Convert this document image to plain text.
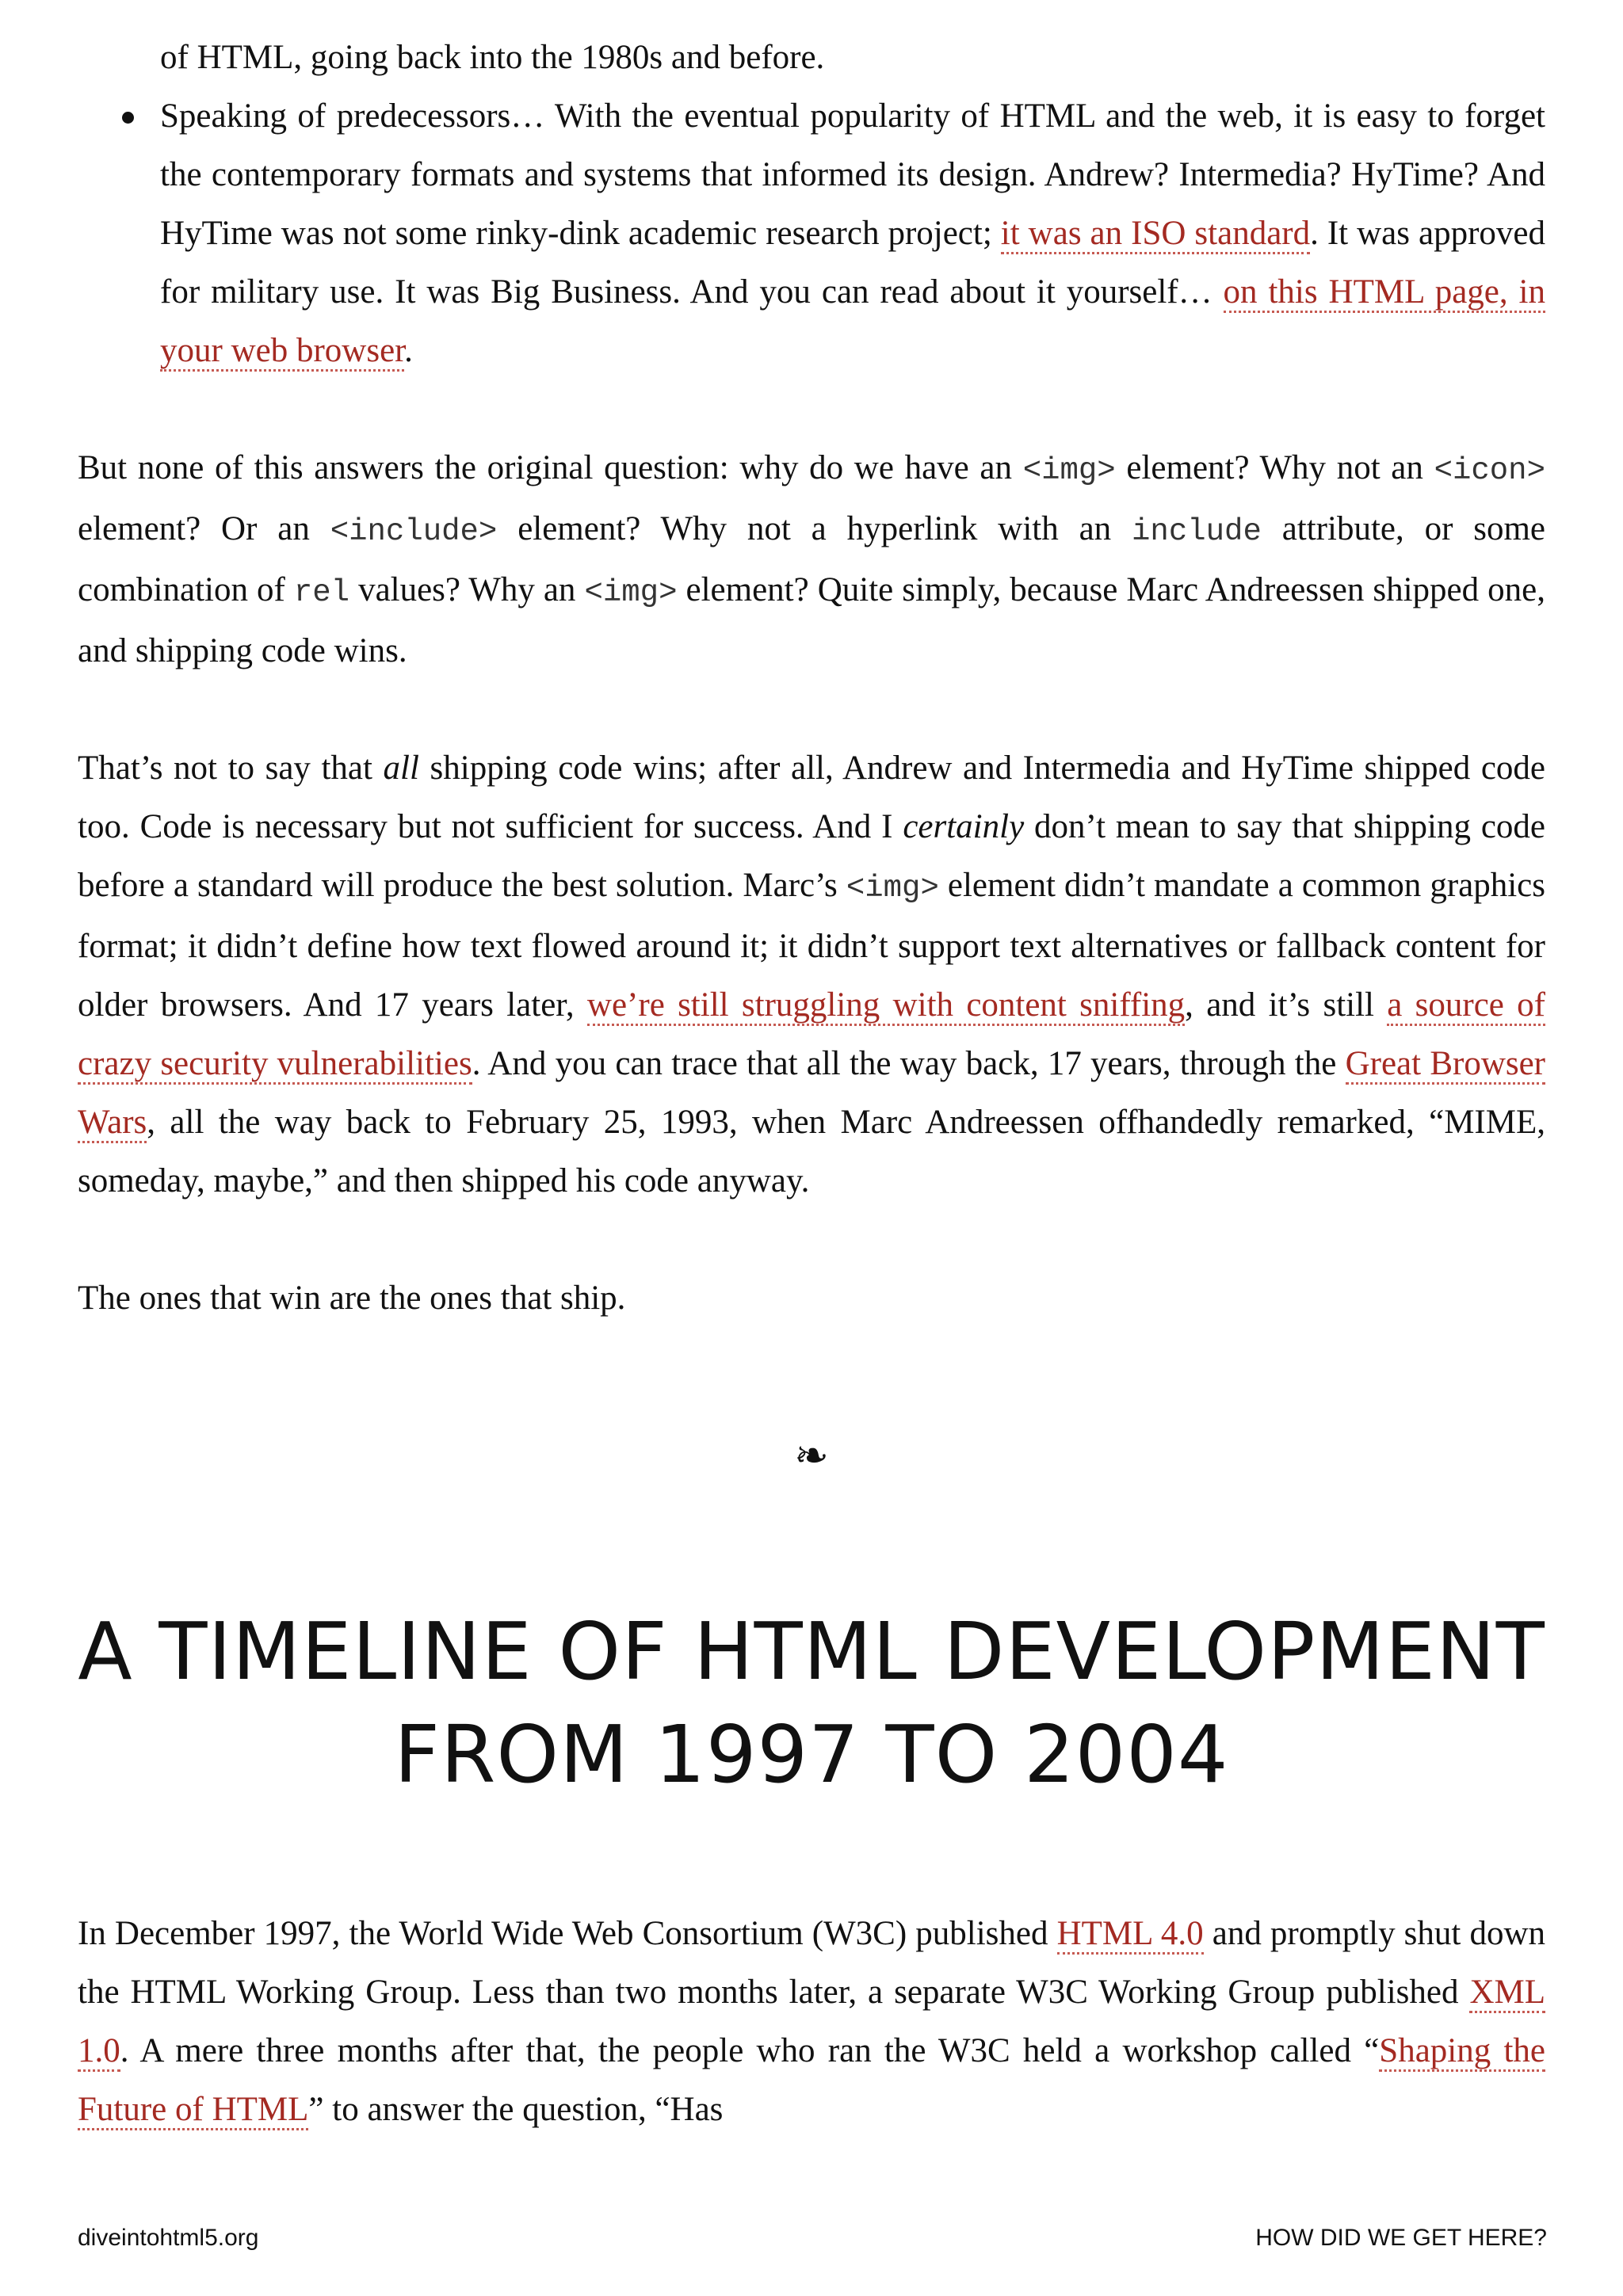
of HTML, going back into the 1980s and before.
Speaking of predecessors… With the eventual popularity of HTML and the web, it is easy to forget the contemporary formats and systems that informed its design. Andrew? Intermedia? HyTime? And HyTime was not some rinky-dink academic research project; it was an ISO standard. It was approved for military use. It was Big Business. And you can read about it yourself… on this HTML page, in your web browser.

But none of this answers the original question: why do we have an <img> element? Why not an <icon> element? Or an <include> element? Why not a hyperlink with an include attribute, or some combination of rel values? Why an <img> element? Quite simply, because Marc Andreessen shipped one, and shipping code wins.

That’s not to say that all shipping code wins; after all, Andrew and Intermedia and HyTime shipped code too. Code is necessary but not sufficient for success. And I certainly don’t mean to say that shipping code before a standard will produce the best solution. Marc’s <img> element didn’t mandate a common graphics format; it didn’t define how text flowed around it; it didn’t support text alternatives or fallback content for older browsers. And 17 years later, we’re still struggling with content sniffing, and it’s still a source of crazy security vulnerabilities. And you can trace that all the way back, 17 years, through the Great Browser Wars, all the way back to February 25, 1993, when Marc Andreessen offhandedly remarked, “MIME, someday, maybe,” and then shipped his code anyway.

The ones that win are the ones that ship.

❧
A TIMELINE OF HTML DEVELOPMENT
FROM 1997 TO 2004

In December 1997, the World Wide Web Consortium (W3C) published HTML 4.0 and promptly shut down the HTML Working Group. Less than two months later, a separate W3C Working Group published XML 1.0. A mere three months after that, the people who ran the W3C held a workshop called “Shaping the Future of HTML” to answer the question, “Has

diveintohtml5.org	HOW DID WE GET HERE?
